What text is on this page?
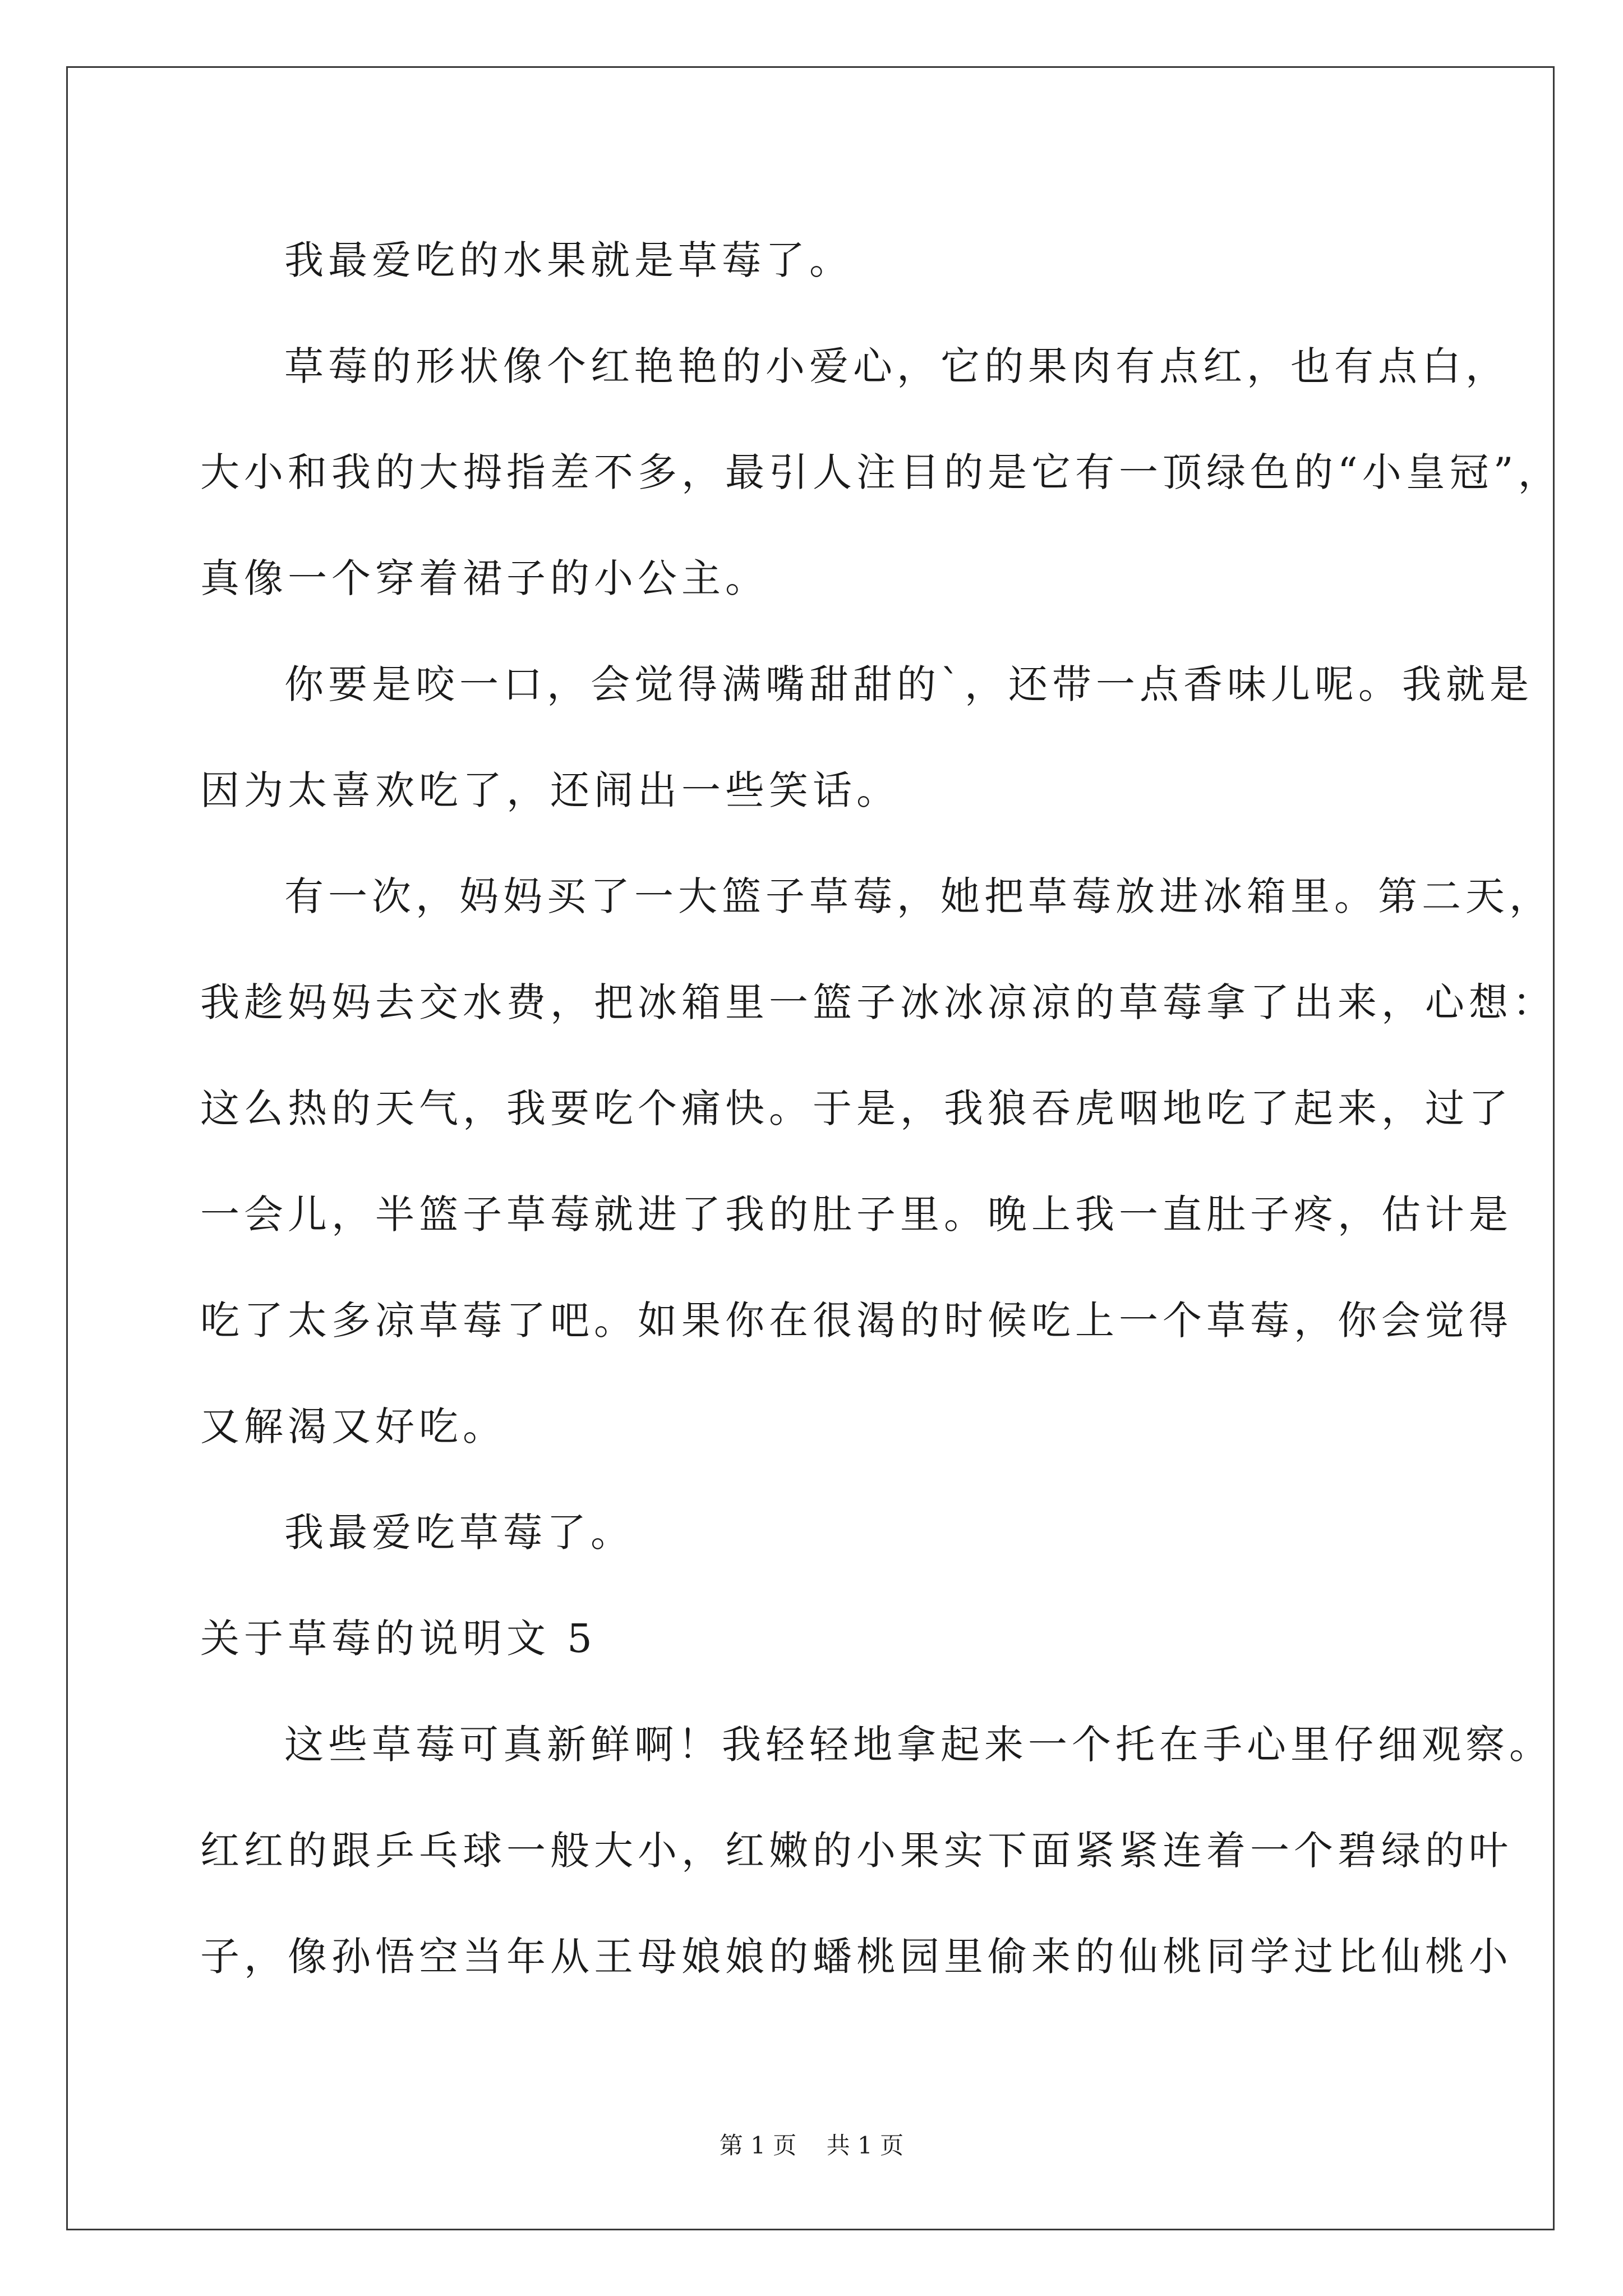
我最爱吃的水果就是草莓了。
草莓的形状像个红艳艳的小爱心，它的果肉有点红，也有点白，
大小和我的大拇指差不多，最引人注目的是它有一顶绿色的“小皇冠”，
真像一个穿着裙子的小公主。
你要是咬一口，会觉得满嘴甜甜的`，还带一点香味儿呢。我就是
因为太喜欢吃了，还闹出一些笑话。
有一次，妈妈买了一大篮子草莓，她把草莓放进冰箱里。第二天，
我趁妈妈去交水费，把冰箱里一篮子冰冰凉凉的草莓拿了出来，心想：
这么热的天气，我要吃个痛快。于是，我狼吞虎咽地吃了起来，过了
一会儿，半篮子草莓就进了我的肚子里。晚上我一直肚子疼，估计是
吃了太多凉草莓了吧。如果你在很渴的时候吃上一个草莓，你会觉得
又解渴又好吃。
我最爱吃草莓了。
关于草莓的说明文 5
这些草莓可真新鲜啊！我轻轻地拿起来一个托在手心里仔细观察。
红红的跟乒乓球一般大小，红嫩的小果实下面紧紧连着一个碧绿的叶
子，像孙悟空当年从王母娘娘的蟠桃园里偷来的仙桃同学过比仙桃小
第 1 页 共 1 页
